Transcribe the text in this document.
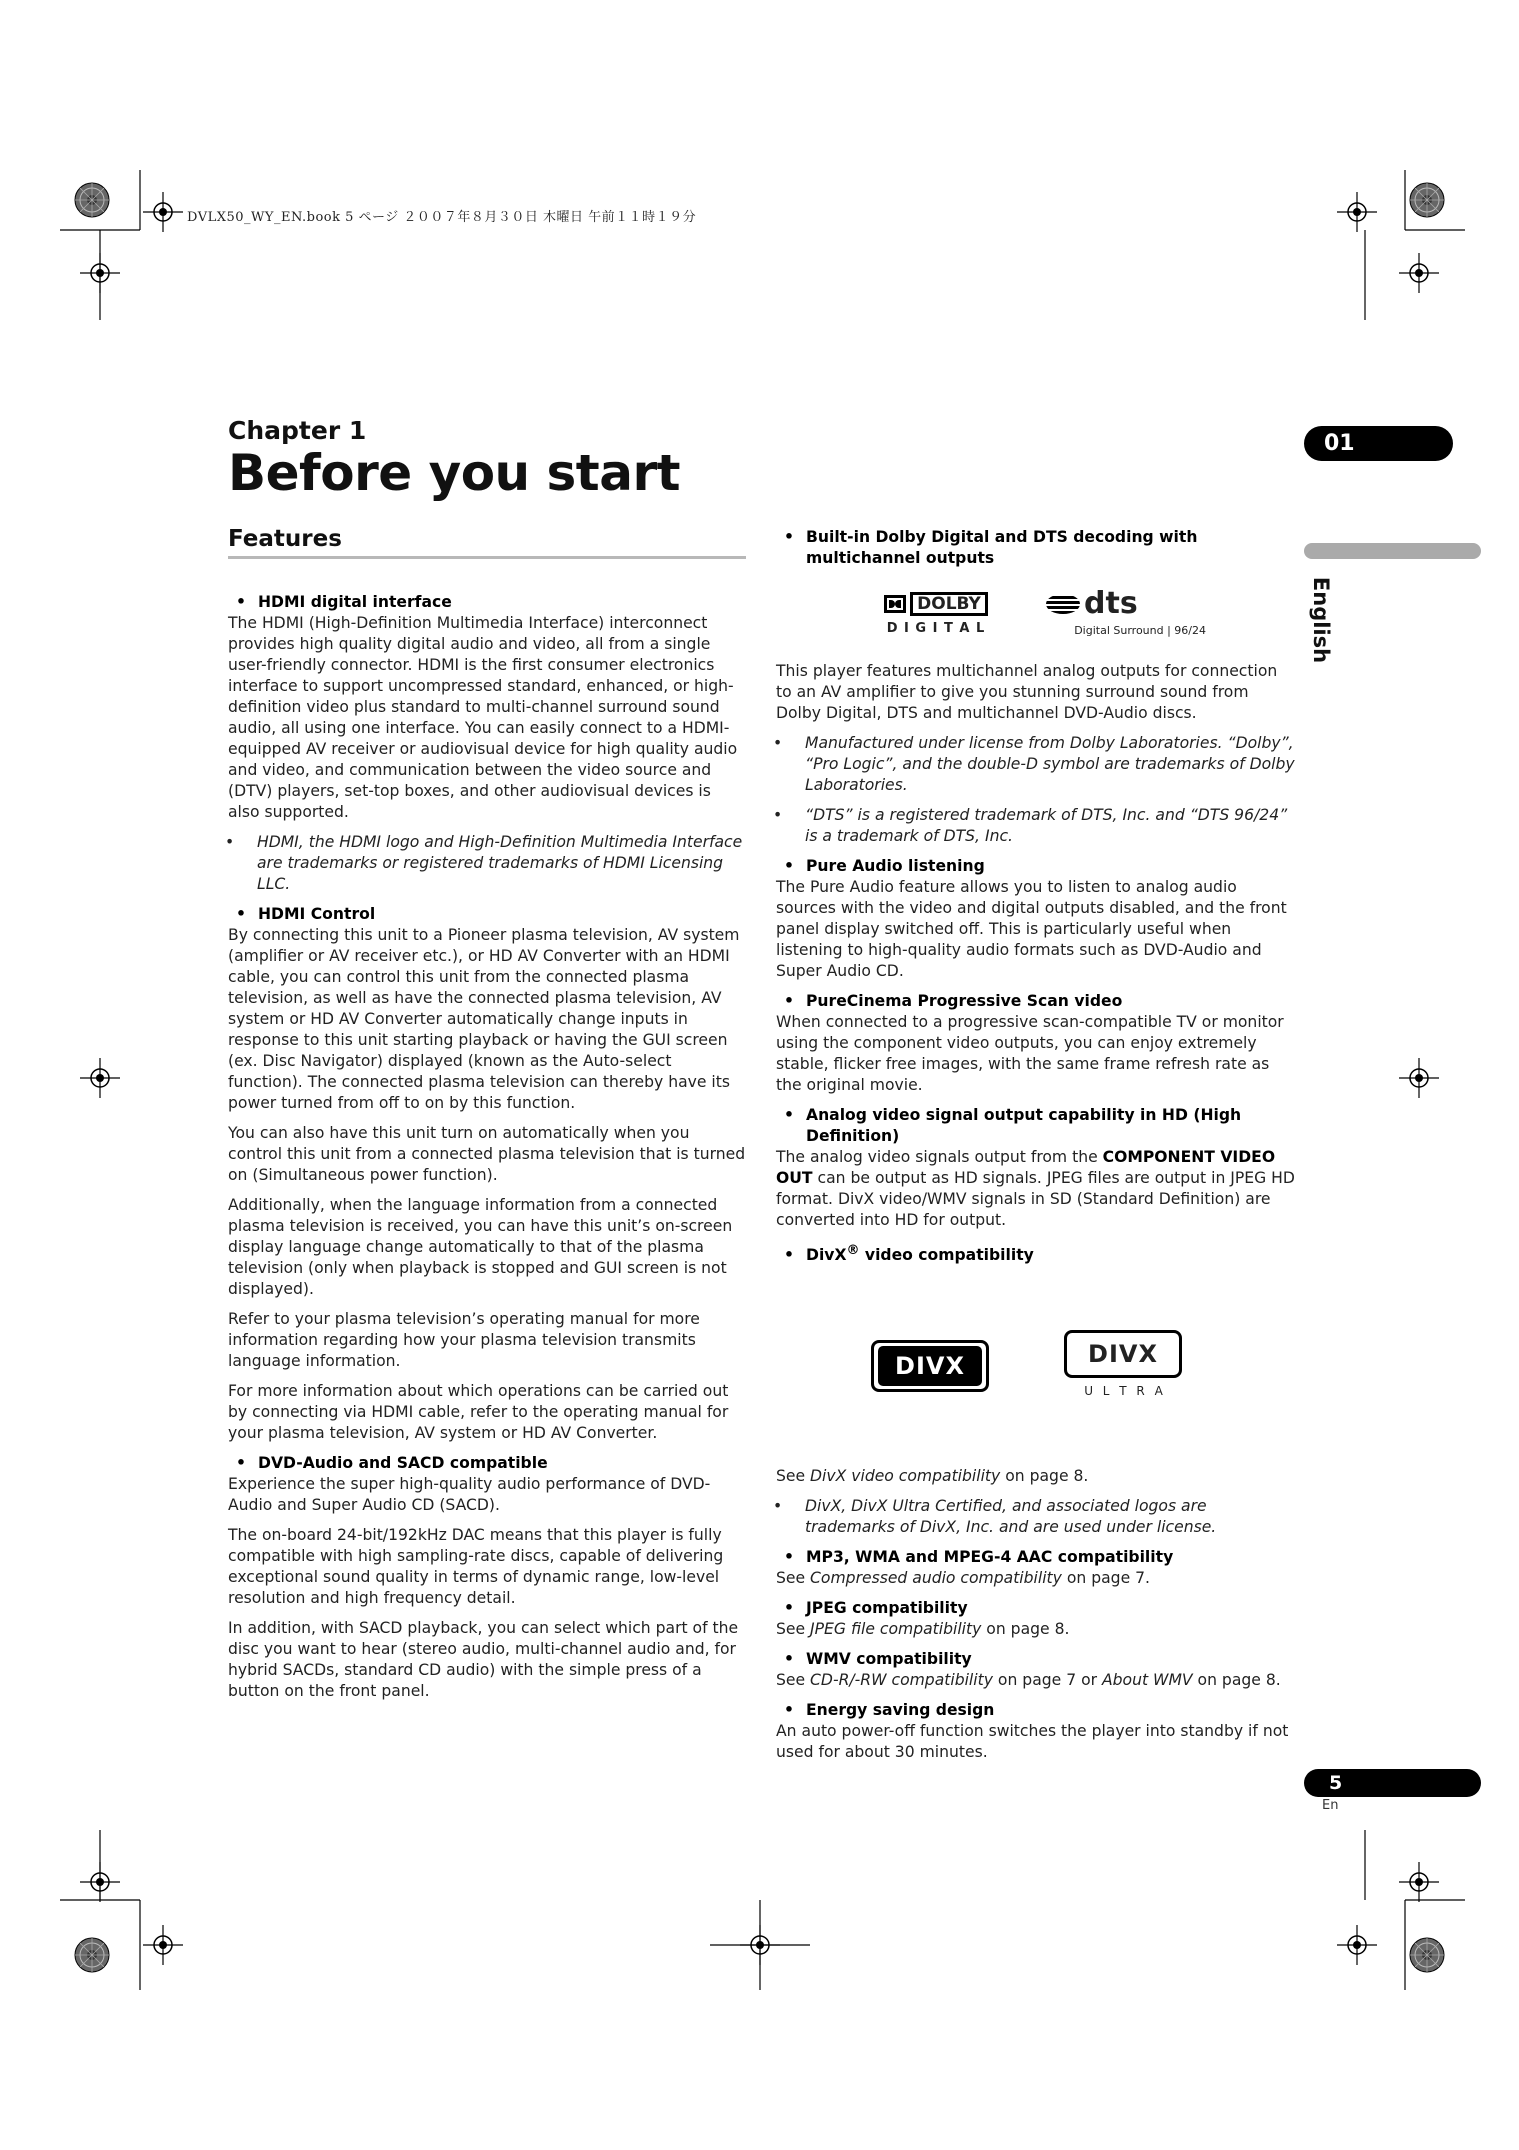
DVLX50_WY_EN.book 5 ページ ２００７年８月３０日 木曜日 午前１１時１９分
Chapter 1
Before you start
01
English
Features

• HDMI digital interface

The HDMI (High-Definition Multimedia Interface) interconnect provides high quality digital audio and video, all from a single user-friendly connector. HDMI is the first consumer electronics interface to support uncompressed standard, enhanced, or high-definition video plus standard to multi-channel surround sound audio, all using one interface. You can easily connect to a HDMI-equipped AV receiver or audiovisual device for high quality audio and video, and communication between the video source and (DTV) players, set-top boxes, and other audiovisual devices is also supported.

• HDMI, the HDMI logo and High-Definition Multimedia Interface are trademarks or registered trademarks of HDMI Licensing LLC.

• HDMI Control

By connecting this unit to a Pioneer plasma television, AV system (amplifier or AV receiver etc.), or HD AV Converter with an HDMI cable, you can control this unit from the connected plasma television, as well as have the connected plasma television, AV system or HD AV Converter automatically change inputs in response to this unit starting playback or having the GUI screen (ex. Disc Navigator) displayed (known as the Auto-select function). The connected plasma television can thereby have its power turned from off to on by this function.

You can also have this unit turn on automatically when you control this unit from a connected plasma television that is turned on (Simultaneous power function).

Additionally, when the language information from a connected plasma television is received, you can have this unit’s on-screen display language change automatically to that of the plasma television (only when playback is stopped and GUI screen is not displayed).

Refer to your plasma television’s operating manual for more information regarding how your plasma television transmits language information.

For more information about which operations can be carried out by connecting via HDMI cable, refer to the operating manual for your plasma television, AV system or HD AV Converter.

• DVD-Audio and SACD compatible

Experience the super high-quality audio performance of DVD-Audio and Super Audio CD (SACD).

The on-board 24-bit/192kHz DAC means that this player is fully compatible with high sampling-rate discs, capable of delivering exceptional sound quality in terms of dynamic range, low-level resolution and high frequency detail.

In addition, with SACD playback, you can select which part of the disc you want to hear (stereo audio, multi-channel audio and, for hybrid SACDs, standard CD audio) with the simple press of a button on the front panel.

• Built-in Dolby Digital and DTS decoding with multichannel outputs

DOLBY
D I G I T A L
dts
Digital Surround | 96/24

This player features multichannel analog outputs for connection to an AV amplifier to give you stunning surround sound from Dolby Digital, DTS and multichannel DVD-Audio discs.

• Manufactured under license from Dolby Laboratories. “Dolby”, “Pro Logic”, and the double-D symbol are trademarks of Dolby Laboratories.

• “DTS” is a registered trademark of DTS, Inc. and “DTS 96/24” is a trademark of DTS, Inc.

• Pure Audio listening

The Pure Audio feature allows you to listen to analog audio sources with the video and digital outputs disabled, and the front panel display switched off. This is particularly useful when listening to high-quality audio formats such as DVD-Audio and Super Audio CD.

• PureCinema Progressive Scan video

When connected to a progressive scan-compatible TV or monitor using the component video outputs, you can enjoy extremely stable, flicker free images, with the same frame refresh rate as the original movie.

• Analog video signal output capability in HD (High Definition)

The analog video signals output from the COMPONENT VIDEO OUT can be output as HD signals. JPEG files are output in JPEG HD format. DivX video/WMV signals in SD (Standard Definition) are converted into HD for output.

• DivX® video compatibility

DIVX	DIVX
U L T R A

See DivX video compatibility on page 8.

• DivX, DivX Ultra Certified, and associated logos are trademarks of DivX, Inc. and are used under license.

• MP3, WMA and MPEG-4 AAC compatibility

See Compressed audio compatibility on page 7.

• JPEG compatibility

See JPEG file compatibility on page 8.

• WMV compatibility

See CD-R/-RW compatibility on page 7 or About WMV on page 8.

• Energy saving design

An auto power-off function switches the player into standby if not used for about 30 minutes.

5
En
